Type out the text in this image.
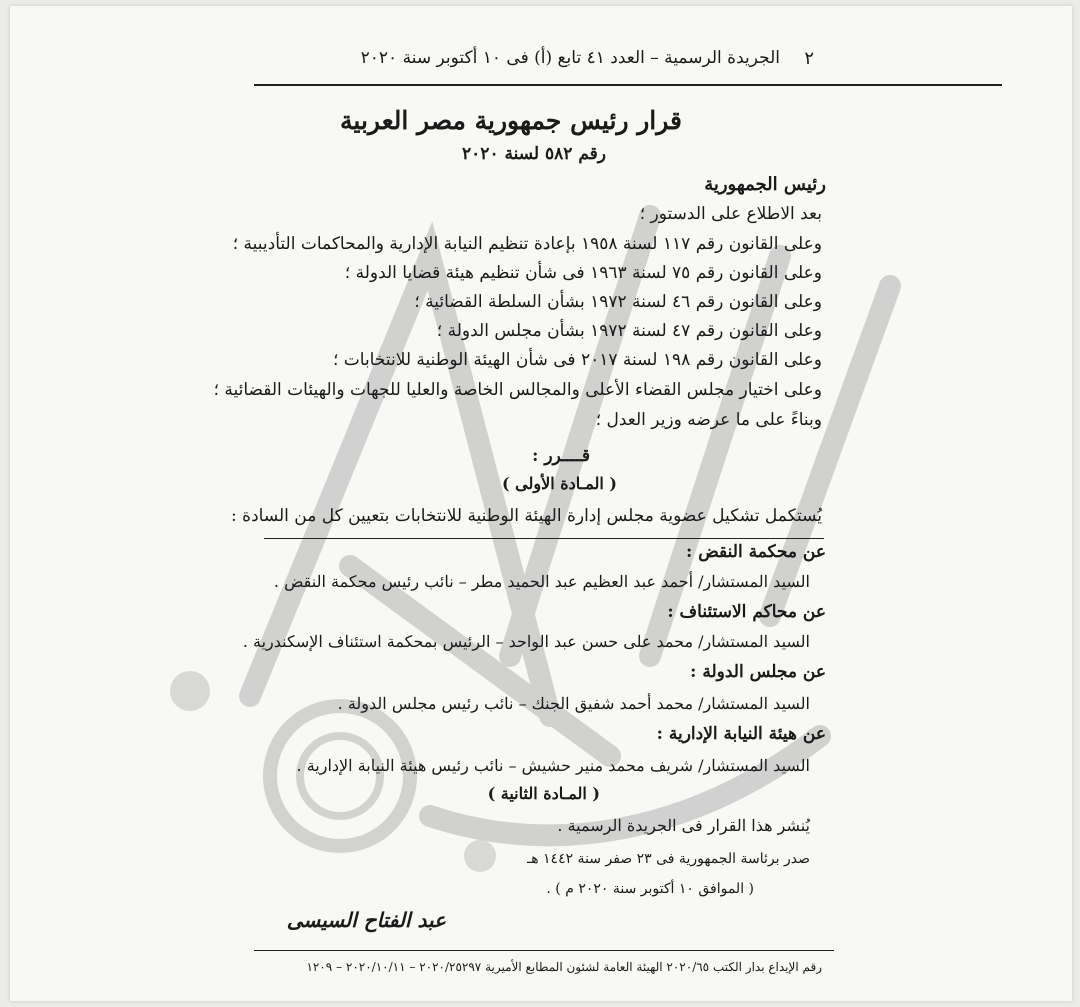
٢
الجريدة الرسمية – العدد ٤١ تابع (أ) فى ١٠ أكتوبر سنة ٢٠٢٠
قرار رئيس جمهورية مصر العربية
رقم ٥٨٢ لسنة ٢٠٢٠
رئيس الجمهورية
بعد الاطلاع على الدستور ؛
وعلى القانون رقم ١١٧ لسنة ١٩٥٨ بإعادة تنظيم النيابة الإدارية والمحاكمات التأديبية ؛
وعلى القانون رقم ٧٥ لسنة ١٩٦٣ فى شأن تنظيم هيئة قضايا الدولة ؛
وعلى القانون رقم ٤٦ لسنة ١٩٧٢ بشأن السلطة القضائية ؛
وعلى القانون رقم ٤٧ لسنة ١٩٧٢ بشأن مجلس الدولة ؛
وعلى القانون رقم ١٩٨ لسنة ٢٠١٧ فى شأن الهيئة الوطنية للانتخابات ؛
وعلى اختيار مجلس القضاء الأعلى والمجالس الخاصة والعليا للجهات والهيئات القضائية ؛
وبناءً على ما عرضه وزير العدل ؛
قــــرر :
( المـادة الأولى )
يُستكمل تشكيل عضوية مجلس إدارة الهيئة الوطنية للانتخابات بتعيين كل من السادة :
عن محكمة النقض :
السيد المستشار/ أحمد عبد العظيم عبد الحميد مطر – نائب رئيس محكمة النقض .
عن محاكم الاستئناف :
السيد المستشار/ محمد على حسن عبد الواحد – الرئيس بمحكمة استئناف الإسكندرية .
عن مجلس الدولة :
السيد المستشار/ محمد أحمد شفيق الجنك – نائب رئيس مجلس الدولة .
عن هيئة النيابة الإدارية :
السيد المستشار/ شريف محمد منير حشيش – نائب رئيس هيئة النيابة الإدارية .
( المـادة الثانية )
يُنشر هذا القرار فى الجريدة الرسمية .
صدر برئاسة الجمهورية فى ٢٣ صفر سنة ١٤٤٢ هـ
( الموافق ١٠ أكتوبر سنة ٢٠٢٠ م ) .
عبد الفتاح السيسى
رقم الإيداع بدار الكتب ٢٠٢٠/٦٥ الهيئة العامة لشئون المطابع الأميرية ٢٠٢٠/٢٥٢٩٧ – ٢٠٢٠/١٠/١١ – ١٢٠٩
